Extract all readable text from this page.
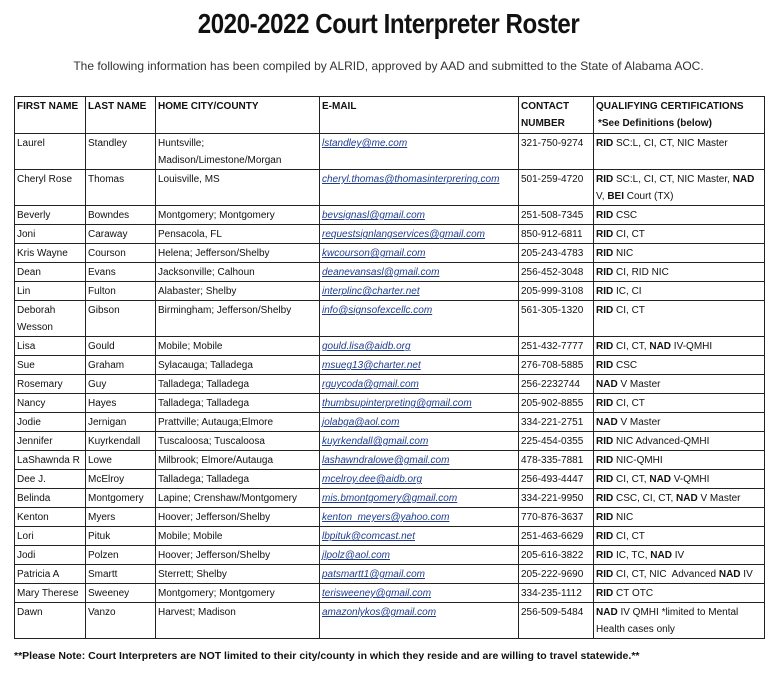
2020-2022 Court Interpreter Roster
The following information has been compiled by ALRID, approved by AAD and submitted to the State of Alabama AOC.
FIRST NAME	LAST NAME	HOME CITY/COUNTY	E-MAIL	CONTACT NUMBER	QUALIFYING CERTIFICATIONS
*See Definitions (below)

Laurel	Standley	Huntsville; Madison/Limestone/Morgan	lstandley@me.com	321-750-9274	RID SC:L, CI, CT, NIC Master
Cheryl Rose	Thomas	Louisville, MS	cheryl.thomas@thomasinterprering.com	501-259-4720	RID SC:L, CI, CT, NIC Master, NAD V, BEI Court (TX)
Beverly	Bowndes	Montgomery; Montgomery	bevsignasl@gmail.com	251-508-7345	RID CSC
Joni	Caraway	Pensacola, FL	requestsignlangservices@gmail.com	850-912-6811	RID CI, CT
Kris Wayne	Courson	Helena; Jefferson/Shelby	kwcourson@gmail.com	205-243-4783	RID NIC
Dean	Evans	Jacksonville; Calhoun	deanevansasl@gmail.com	256-452-3048	RID CI, RID NIC
Lin	Fulton	Alabaster; Shelby	interplinc@charter.net	205-999-3108	RID IC, CI
Deborah Wesson	Gibson	Birmingham; Jefferson/Shelby	info@signsofexcellc.com	561-305-1320	RID CI, CT
Lisa	Gould	Mobile; Mobile	gould.lisa@aidb.org	251-432-7777	RID CI, CT, NAD IV-QMHI
Sue	Graham	Sylacauga; Talladega	msueg13@charter.net	276-708-5885	RID CSC
Rosemary	Guy	Talladega; Talladega	rguycoda@gmail.com	256-2232744	NAD V Master
Nancy	Hayes	Talladega; Talladega	thumbsupinterpreting@gmail.com	205-902-8855	RID CI, CT
Jodie	Jernigan	Prattville; Autauga;Elmore	jolabga@aol.com	334-221-2751	NAD V Master
Jennifer	Kuyrkendall	Tuscaloosa; Tuscaloosa	kuyrkendall@gmail.com	225-454-0355	RID NIC Advanced-QMHI
LaShawnda R	Lowe	Milbrook; Elmore/Autauga	lashawndralowe@gmail.com	478-335-7881	RID NIC-QMHI
Dee J.	McElroy	Talladega; Talladega	mcelroy.dee@aidb.org	256-493-4447	RID CI, CT, NAD V-QMHI
Belinda	Montgomery	Lapine; Crenshaw/Montgomery	mis.bmontgomery@gmail.com	334-221-9950	RID CSC, CI, CT, NAD V Master
Kenton	Myers	Hoover; Jefferson/Shelby	kenton_meyers@yahoo.com	770-876-3637	RID NIC
Lori	Pituk	Mobile; Mobile	lbpituk@comcast.net	251-463-6629	RID CI, CT
Jodi	Polzen	Hoover; Jefferson/Shelby	jlpolz@aol.com	205-616-3822	RID IC, TC, NAD IV
Patricia A	Smartt	Sterrett; Shelby	patsmartt1@gmail.com	205-222-9690	RID CI, CT, NIC  Advanced NAD IV
Mary Therese	Sweeney	Montgomery; Montgomery	terisweeney@gmail.com	334-235-1112	RID CT OTC
Dawn	Vanzo	Harvest; Madison	amazonlykos@gmail.com	256-509-5484	NAD IV QMHI *limited to Mental Health cases only
**Please Note: Court Interpreters are NOT limited to their city/county in which they reside and are willing to travel statewide.**
